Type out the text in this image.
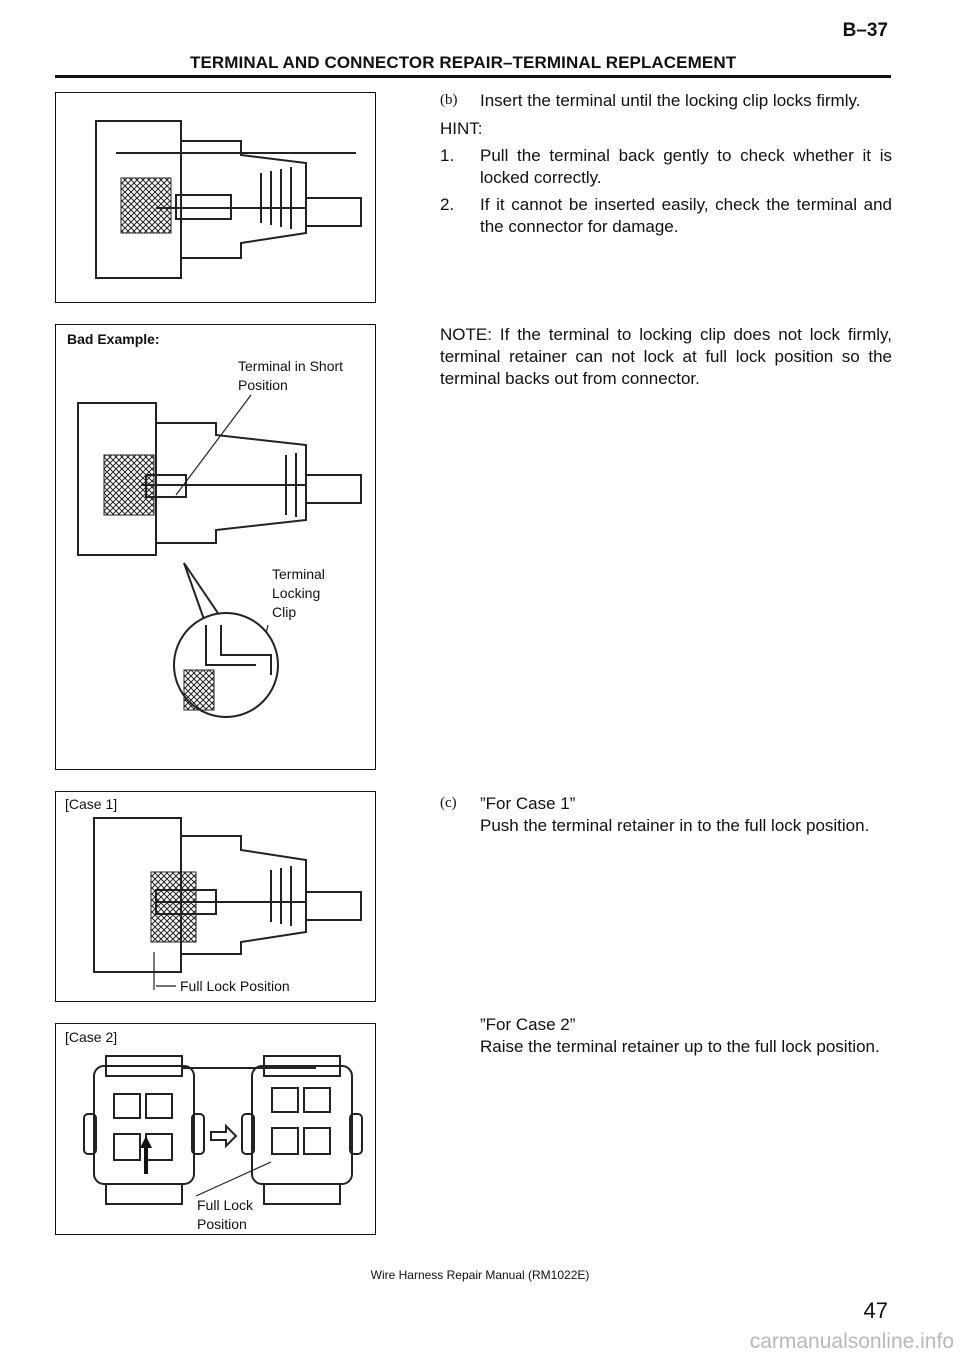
B–37
TERMINAL AND CONNECTOR REPAIR–TERMINAL REPLACEMENT
Bad Example:
Terminal in Short
Position
Terminal
Locking
Clip
[Case 1]
Full Lock Position
[Case 2]
Full Lock
Position
(b) Insert the terminal until the locking clip locks firmly.
HINT:
1. Pull the terminal back gently to check whether it is
locked correctly.
2. If it cannot be inserted easily, check the terminal and
the connector for damage.
NOTE: If the terminal to locking clip does not lock firmly,
terminal retainer can not lock at full lock position so the
terminal backs out from connector.
(c) ”For Case 1”
Push the terminal retainer in to the full lock position.
”For Case 2”
Raise the terminal retainer up to the full lock position.
Wire Harness Repair Manual (RM1022E)
47
carmanualsonline.info
